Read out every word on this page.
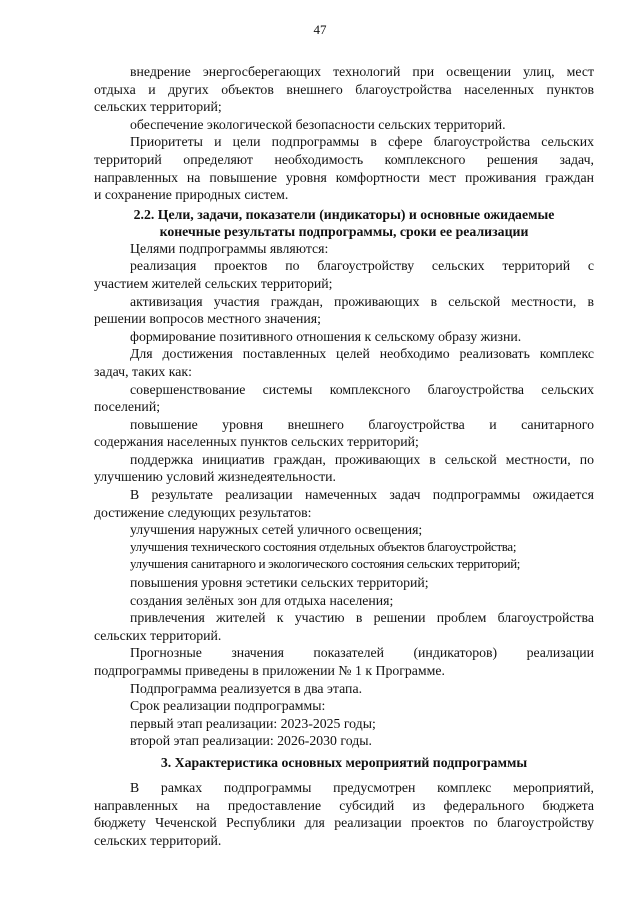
47
внедрение энергосберегающих технологий при освещении улиц, мест
отдыха и других объектов внешнего благоустройства населенных пунктов
сельских территорий;
обеспечение экологической безопасности сельских территорий.
Приоритеты и цели подпрограммы в сфере благоустройства сельских
территорий определяют необходимость комплексного решения задач,
направленных на повышение уровня комфортности мест проживания граждан
и сохранение природных систем.
2.2. Цели, задачи, показатели (индикаторы) и основные ожидаемые
конечные результаты подпрограммы, сроки ее реализации
Целями подпрограммы являются:
реализация проектов по благоустройству сельских территорий с
участием жителей сельских территорий;
активизация участия граждан, проживающих в сельской местности, в
решении вопросов местного значения;
формирование позитивного отношения к сельскому образу жизни.
Для достижения поставленных целей необходимо реализовать комплекс
задач, таких как:
совершенствование системы комплексного благоустройства сельских
поселений;
повышение уровня внешнего благоустройства и санитарного
содержания населенных пунктов сельских территорий;
поддержка инициатив граждан, проживающих в сельской местности, по
улучшению условий жизнедеятельности.
В результате реализации намеченных задач подпрограммы ожидается
достижение следующих результатов:
улучшения наружных сетей уличного освещения;
улучшения технического состояния отдельных объектов благоустройства;
улучшения санитарного и экологического состояния сельских территорий;
повышения уровня эстетики сельских территорий;
создания зелёных зон для отдыха населения;
привлечения жителей к участию в решении проблем благоустройства
сельских территорий.
Прогнозные значения показателей (индикаторов) реализации
подпрограммы приведены в приложении № 1 к Программе.
Подпрограмма реализуется в два этапа.
Срок реализации подпрограммы:
первый этап реализации: 2023-2025 годы;
второй этап реализации: 2026-2030 годы.
3. Характеристика основных мероприятий подпрограммы
В рамках подпрограммы предусмотрен комплекс мероприятий,
направленных на предоставление субсидий из федерального бюджета
бюджету Чеченской Республики для реализации проектов по благоустройству
сельских территорий.
